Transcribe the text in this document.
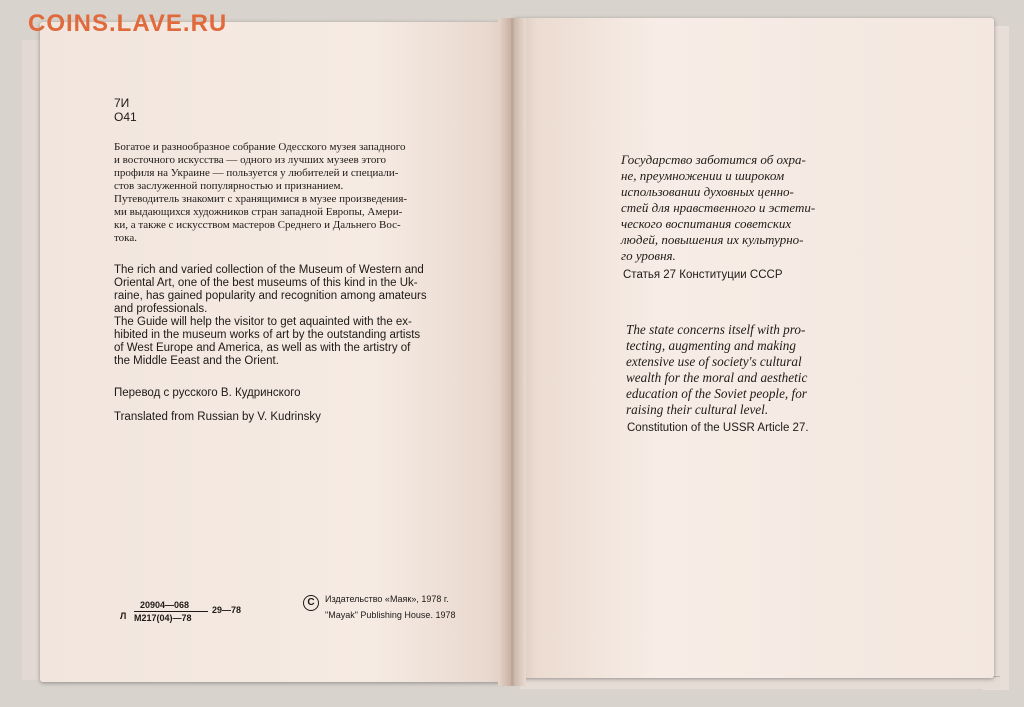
COINS.LAVE.RU
7И
О41
Богатое и разнообразное собрание Одесского музея западного
и восточного искусства — одного из лучших музеев этого
профиля на Украине — пользуется у любителей и специали-
стов заслуженной популярностью и признанием.
Путеводитель знакомит с хранящимися в музее произведения-
ми выдающихся художников стран западной Европы, Амери-
ки, а также с искусством мастеров Среднего и Дальнего Вос-
тока.
The rich and varied collection of the Museum of Western and
Oriental Art, one of the best museums of this kind in the Uk-
raine, has gained popularity and recognition among amateurs
and professionals.
The Guide will help the visitor to get aquainted with the ex-
hibited in the museum works of art by the outstanding artists
of West Europe and America, as well as with the artistry of
the Middle Eeast and the Orient.
Перевод с русского В. Кудринского
Translated from Russian by V. Kudrinsky
Л
20904—068
М217(04)—78
29—78
C	Издательство «Маяк», 1978 г.
"Mayak" Publishing House. 1978
Государство заботится об охра-
не, преумножении и широком
использовании духовных ценно-
стей для нравственного и эстети-
ческого воспитания советских
людей, повышения их культурно-
го уровня.
Статья 27 Конституции СССР
The state concerns itself with pro-
tecting, augmenting and making
extensive use of society's cultural
wealth for the moral and aesthetic
education of the Soviet people, for
raising their cultural level.
Constitution of the USSR Article 27.
